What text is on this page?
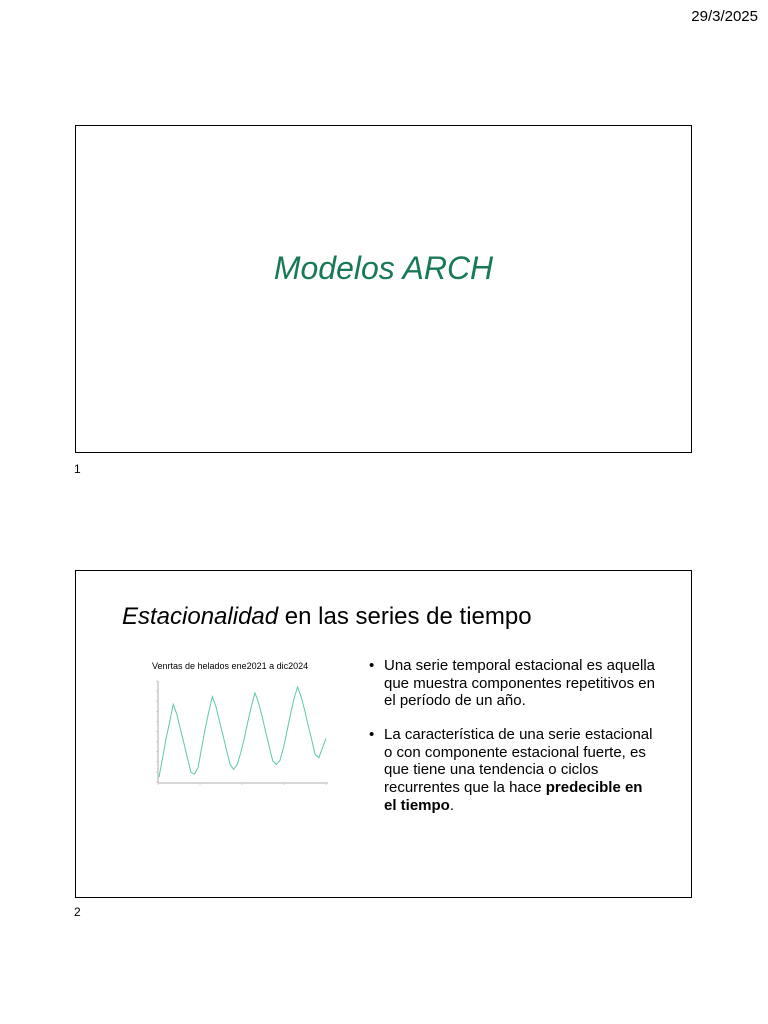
29/3/2025
Modelos ARCH
1
Estacionalidad en las series de tiempo
Venrtas de helados ene2021 a dic2024	• Una serie temporal estacional es aquella que muestra componentes repetitivos en el período de un año.
• La característica de una serie estacional o con componente estacional fuerte, es que tiene una tendencia o ciclos recurrentes que la hace predecible en el tiempo.
2
